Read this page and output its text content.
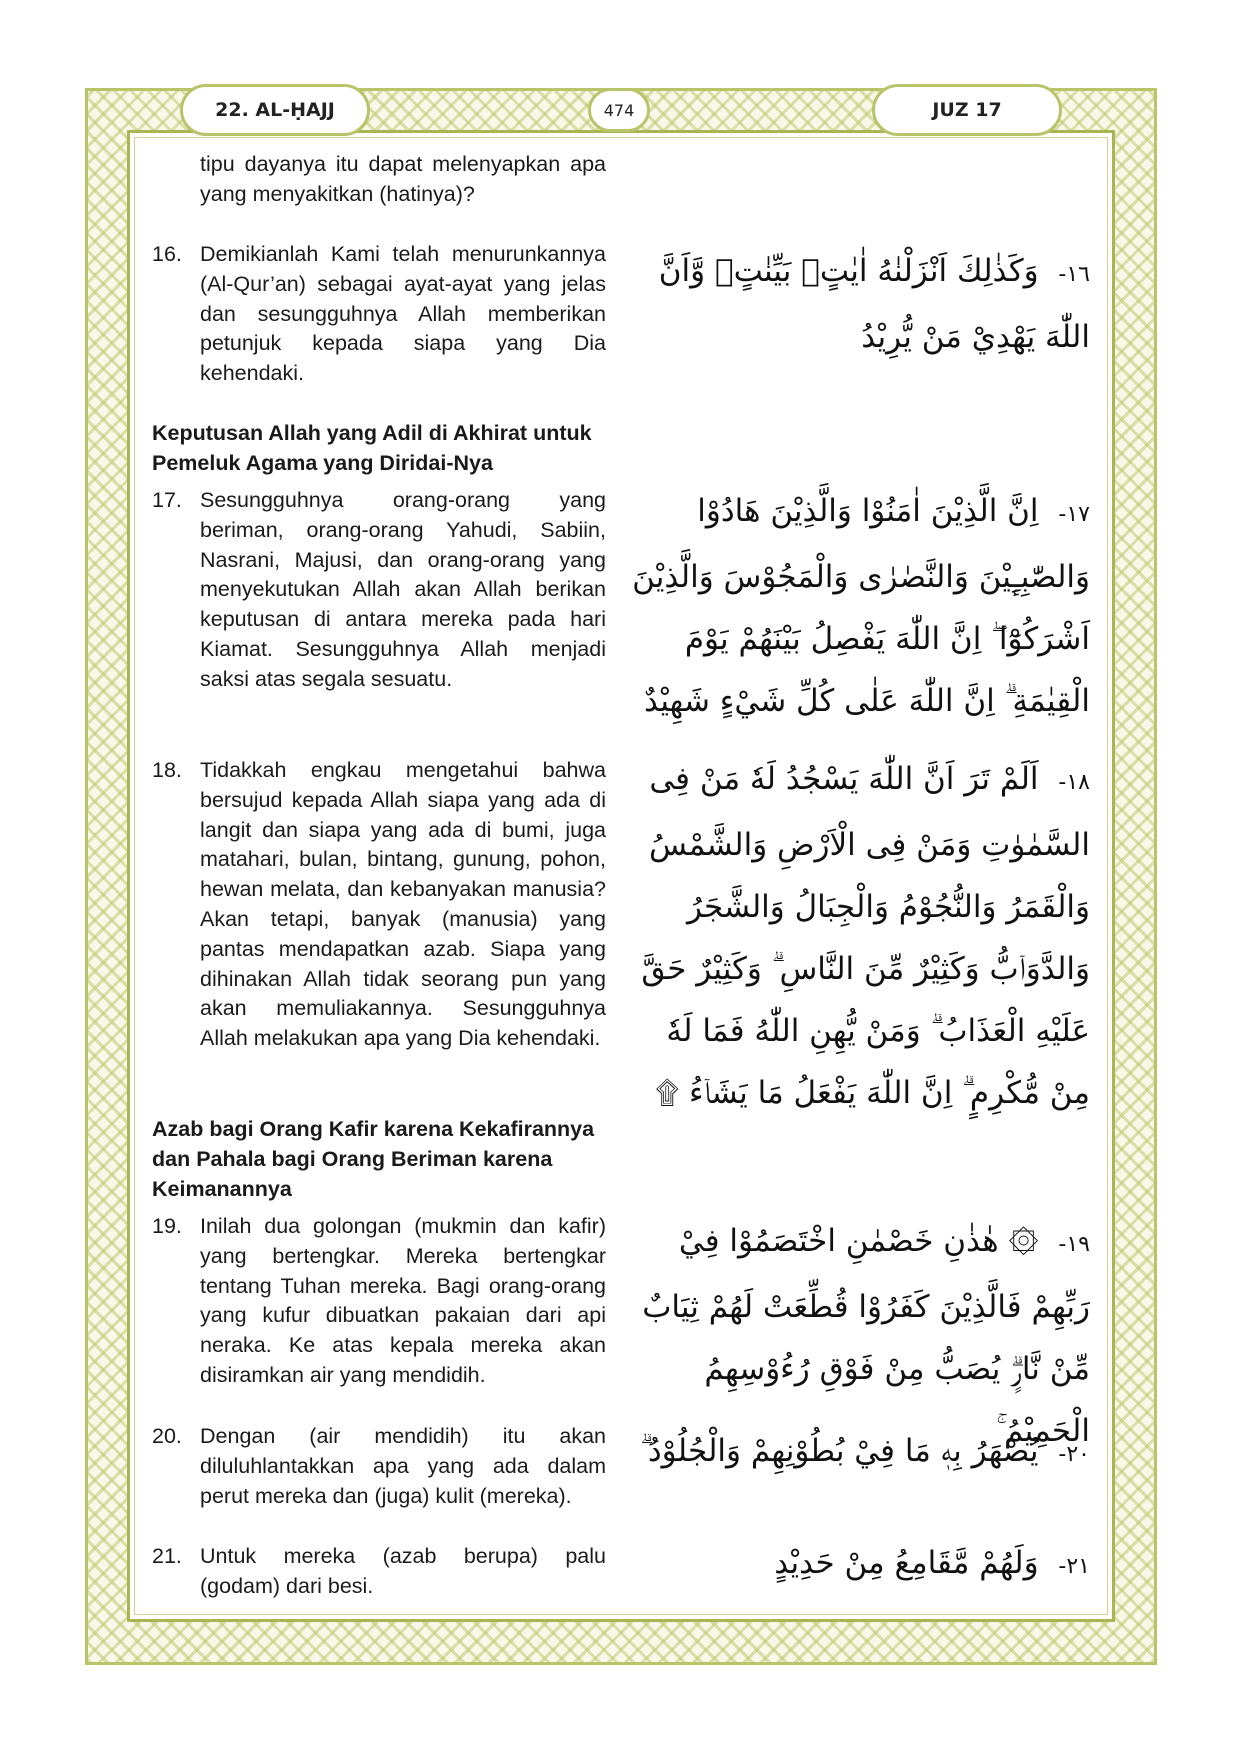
22. AL-ḤAJJ	474	JUZ 17
tipu dayanya itu dapat melenyapkan apa yang menyakitkan (hatinya)?
16. Demikianlah Kami telah menurunkannya (Al-Qur’an) sebagai ayat-ayat yang jelas dan sesungguhnya Allah memberikan petunjuk kepada siapa yang Dia kehendaki.
١٦- وَكَذٰلِكَ اَنْزَلْنٰهُ اٰيٰتٍۢ بَيِّنٰتٍۙ وَّاَنَّ اللّٰهَ يَهْدِيْ مَنْ يُّرِيْدُ
Keputusan Allah yang Adil di Akhirat untuk Pemeluk Agama yang Diridai-Nya
17. Sesungguhnya orang-orang yang beriman, orang-orang Yahudi, Sabiin, Nasrani, Majusi, dan orang-orang yang menyekutukan Allah akan Allah berikan keputusan di antara mereka pada hari Kiamat. Sesungguhnya Allah menjadi saksi atas segala sesuatu.
١٧- اِنَّ الَّذِيْنَ اٰمَنُوْا وَالَّذِيْنَ هَادُوْا وَالصّٰبِـِٕيْنَ وَالنَّصٰرٰى وَالْمَجُوْسَ وَالَّذِيْنَ اَشْرَكُوْٓا ۖ اِنَّ اللّٰهَ يَفْصِلُ بَيْنَهُمْ يَوْمَ الْقِيٰمَةِ ۗ اِنَّ اللّٰهَ عَلٰى كُلِّ شَيْءٍ شَهِيْدٌ
18. Tidakkah engkau mengetahui bahwa bersujud kepada Allah siapa yang ada di langit dan siapa yang ada di bumi, juga matahari, bulan, bintang, gunung, pohon, hewan melata, dan kebanyakan manusia? Akan tetapi, banyak (manusia) yang pantas mendapatkan azab. Siapa yang dihinakan Allah tidak seorang pun yang akan memuliakannya. Sesungguhnya Allah melakukan apa yang Dia kehendaki.
١٨- اَلَمْ تَرَ اَنَّ اللّٰهَ يَسْجُدُ لَهٗ مَنْ فِى السَّمٰوٰتِ وَمَنْ فِى الْاَرْضِ وَالشَّمْسُ وَالْقَمَرُ وَالنُّجُوْمُ وَالْجِبَالُ وَالشَّجَرُ وَالدَّوَاۤبُّ وَكَثِيْرٌ مِّنَ النَّاسِ ۗ وَكَثِيْرٌ حَقَّ عَلَيْهِ الْعَذَابُ ۗ وَمَنْ يُّهِنِ اللّٰهُ فَمَا لَهٗ مِنْ مُّكْرِمٍ ۗ اِنَّ اللّٰهَ يَفْعَلُ مَا يَشَاۤءُ ۩
Azab bagi Orang Kafir karena Kekafirannya dan Pahala bagi Orang Beriman karena Keimanannya
19. Inilah dua golongan (mukmin dan kafir) yang bertengkar. Mereka bertengkar tentang Tuhan mereka. Bagi orang-orang yang kufur dibuatkan pakaian dari api neraka. Ke atas kepala mereka akan disiramkan air yang mendidih.
١٩- ۞ هٰذٰنِ خَصْمٰنِ اخْتَصَمُوْا فِيْ رَبِّهِمْ فَالَّذِيْنَ كَفَرُوْا قُطِّعَتْ لَهُمْ ثِيَابٌ مِّنْ نَّارٍۗ يُصَبُّ مِنْ فَوْقِ رُءُوْسِهِمُ الْحَمِيْمُ ۚ
20. Dengan (air mendidih) itu akan diluluhlantakkan apa yang ada dalam perut mereka dan (juga) kulit (mereka).
٢٠- يُصْهَرُ بِهٖ مَا فِيْ بُطُوْنِهِمْ وَالْجُلُوْدُ ۗ
21. Untuk mereka (azab berupa) palu (godam) dari besi.
٢١- وَلَهُمْ مَّقَامِعُ مِنْ حَدِيْدٍ
